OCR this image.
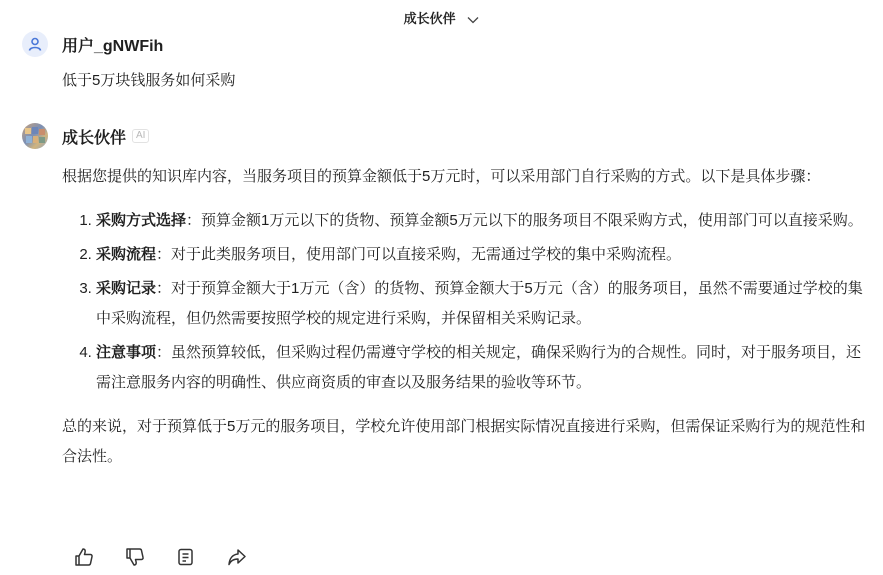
成长伙伴
用户_gNWFih
低于5万块钱服务如何采购
成长伙伴	AI

根据您提供的知识库内容，当服务项目的预算金额低于5万元时，可以采用部门自行采购的方式。以下是具体步骤：

1. 采购方式选择：预算金额1万元以下的货物、预算金额5万元以下的服务项目不限采购方式，使用部门可以直接采购。
2. 采购流程：对于此类服务项目，使用部门可以直接采购，无需通过学校的集中采购流程。
3. 采购记录：对于预算金额大于1万元（含）的货物、预算金额大于5万元（含）的服务项目，虽然不需要通过学校的集中采购流程，但仍然需要按照学校的规定进行采购，并保留相关采购记录。
4. 注意事项：虽然预算较低，但采购过程仍需遵守学校的相关规定，确保采购行为的合规性。同时，对于服务项目，还需注意服务内容的明确性、供应商资质的审查以及服务结果的验收等环节。

总的来说，对于预算低于5万元的服务项目，学校允许使用部门根据实际情况直接进行采购，但需保证采购行为的规范性和合法性。
